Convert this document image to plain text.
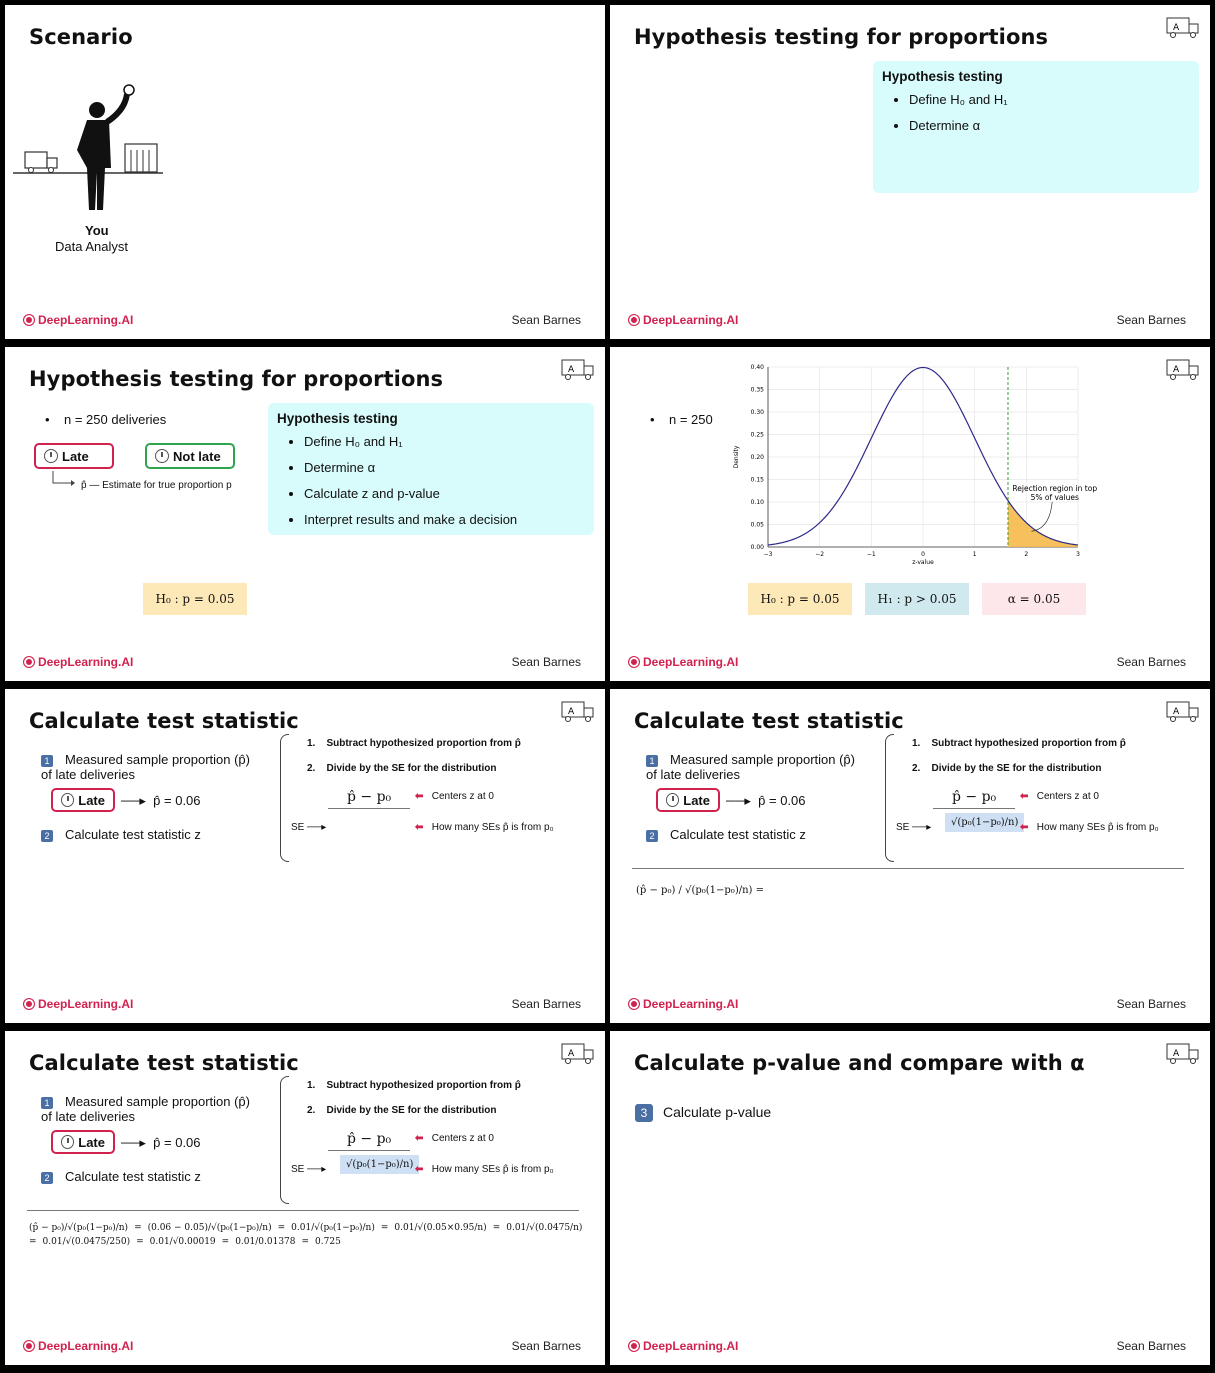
Scenario
You
Data Analyst
DeepLearning.AI	Sean Barnes
Hypothesis testing for proportions	A
Hypothesis testing
• Define H₀ and H₁
• Determine α
DeepLearning.AI	Sean Barnes
Hypothesis testing for proportions	A
•    n = 250 deliveries
Late	Not late
p̂ — Estimate for true proportion p
Hypothesis testing
• Define H₀ and H₁
• Determine α
• Calculate z and p-value
• Interpret results and make a decision
H₀ : p = 0.05
DeepLearning.AI	Sean Barnes
A
•    n = 250
0.00
0.05
0.10
0.15
0.20
0.25
0.30
0.35
0.40
−3	−2	−1	0	1	2	3
z-value
Density
Rejection region in top
5% of values
H₀ : p = 0.05	H₁ : p > 0.05	α = 0.05
DeepLearning.AI	Sean Barnes
Calculate test statistic	A
1 Measured sample proportion (p̂) of late deliveries
Late ──▸  p̂ = 0.06
2 Calculate test statistic z
1. Subtract hypothesized proportion from p̂
2. Divide by the SE for the distribution
p̂ − p₀ ⬅ Centers z at 0
SE ──▸	⬅ How many SEs p̂ is from p₀
DeepLearning.AI	Sean Barnes
Calculate test statistic	A
1 Measured sample proportion (p̂) of late deliveries
Late ──▸  p̂ = 0.06
2 Calculate test statistic z
1. Subtract hypothesized proportion from p̂
2. Divide by the SE for the distribution
p̂ − p₀
√(p₀(1−p₀)/n)
⬅ Centers z at 0
SE ──▸	⬅ How many SEs p̂ is from p₀
(p̂ − p₀) / √(p₀(1−p₀)/n) =
DeepLearning.AI	Sean Barnes
Calculate test statistic	A
1 Measured sample proportion (p̂) of late deliveries
Late ──▸  p̂ = 0.06
2 Calculate test statistic z
1. Subtract hypothesized proportion from p̂
2. Divide by the SE for the distribution
p̂ − p₀
√(p₀(1−p₀)/n)
⬅ Centers z at 0
SE ──▸	⬅ How many SEs p̂ is from p₀
(p̂ − p₀)/√(p₀(1−p₀)/n) = (0.06 − 0.05)/√(p₀(1−p₀)/n) = 0.01/√(p₀(1−p₀)/n) = 0.01/√(0.05×0.95/n) = 0.01/√(0.0475/n)
= 0.01/√(0.0475/250) = 0.01/√0.00019 = 0.01/0.01378 = 0.725
DeepLearning.AI	Sean Barnes
Calculate p-value and compare with α	A
3 Calculate p-value
DeepLearning.AI	Sean Barnes
